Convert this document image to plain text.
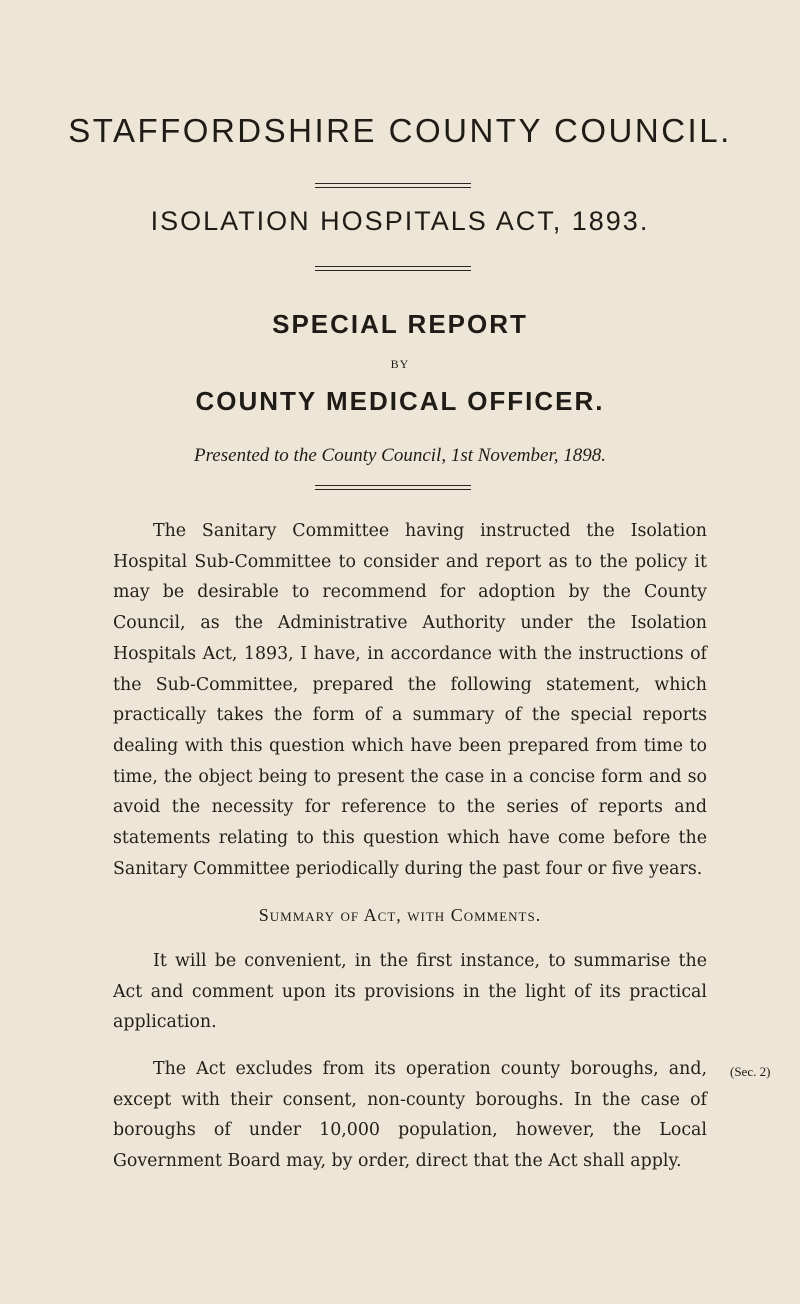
STAFFORDSHIRE COUNTY COUNCIL.
ISOLATION HOSPITALS ACT, 1893.
SPECIAL REPORT
BY
COUNTY MEDICAL OFFICER.
Presented to the County Council, 1st November, 1898.
The Sanitary Committee having instructed the Isolation Hospital Sub-Committee to consider and report as to the policy it may be desirable to recommend for adoption by the County Council, as the Administrative Authority under the Isolation Hospitals Act, 1893, I have, in accordance with the instructions of the Sub-Committee, prepared the following statement, which practically takes the form of a summary of the special reports dealing with this question which have been prepared from time to time, the object being to present the case in a concise form and so avoid the necessity for reference to the series of reports and statements relating to this question which have come before the Sanitary Committee periodically during the past four or five years.
Summary of Act, with Comments.
It will be convenient, in the first instance, to summarise the Act and comment upon its provisions in the light of its practical application.
The Act excludes from its operation county boroughs, and, except with their consent, non-county boroughs. In the case of boroughs of under 10,000 population, however, the Local Government Board may, by order, direct that the Act shall apply.
(Sec. 2)
